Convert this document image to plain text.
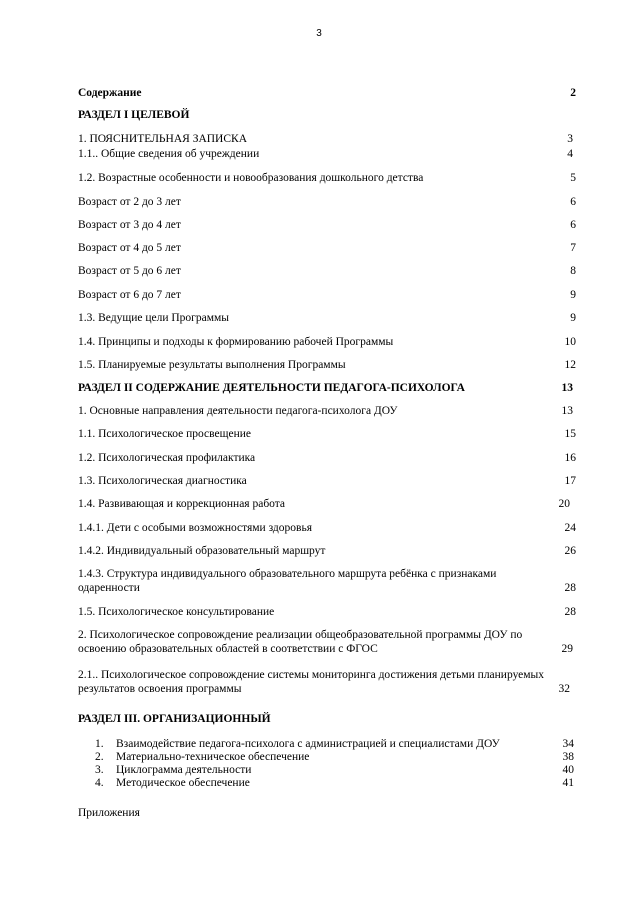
3
Содержание	2
РАЗДЕЛ I ЦЕЛЕВОЙ
1. ПОЯСНИТЕЛЬНАЯ ЗАПИСКА	3
1.1.. Общие сведения об учреждении	4
1.2. Возрастные особенности и новообразования дошкольного детства	5
Возраст от 2 до 3 лет	6
Возраст от 3 до 4 лет	6
Возраст от 4 до 5 лет	7
Возраст от 5 до 6 лет	8
Возраст от 6 до 7 лет	9
1.3. Ведущие цели Программы	9
1.4. Принципы и подходы к формированию рабочей Программы	10
1.5. Планируемые результаты выполнения Программы	12
РАЗДЕЛ II СОДЕРЖАНИЕ ДЕЯТЕЛЬНОСТИ ПЕДАГОГА-ПСИХОЛОГА	13
1. Основные направления деятельности педагога-психолога ДОУ	13
1.1. Психологическое просвещение	15
1.2. Психологическая профилактика	16
1.3. Психологическая диагностика	17
1.4. Развивающая и коррекционная работа	20
1.4.1. Дети с особыми возможностями здоровья	24
1.4.2. Индивидуальный образовательный маршрут	26
1.4.3. Структура индивидуального образовательного маршрута ребёнка с признаками одаренности	28
1.5. Психологическое консультирование	28
2. Психологическое сопровождение реализации общеобразовательной программы ДОУ по освоению образовательных областей в соответствии с ФГОС	29
2.1.. Психологическое сопровождение системы мониторинга достижения детьми планируемых результатов освоения программы	32
РАЗДЕЛ III. ОРГАНИЗАЦИОННЫЙ
1. Взаимодействие педагога-психолога с администрацией и специалистами ДОУ	34
2. Материально-техническое обеспечение	38
3. Циклограмма деятельности	40
4. Методическое обеспечение	41
Приложения
